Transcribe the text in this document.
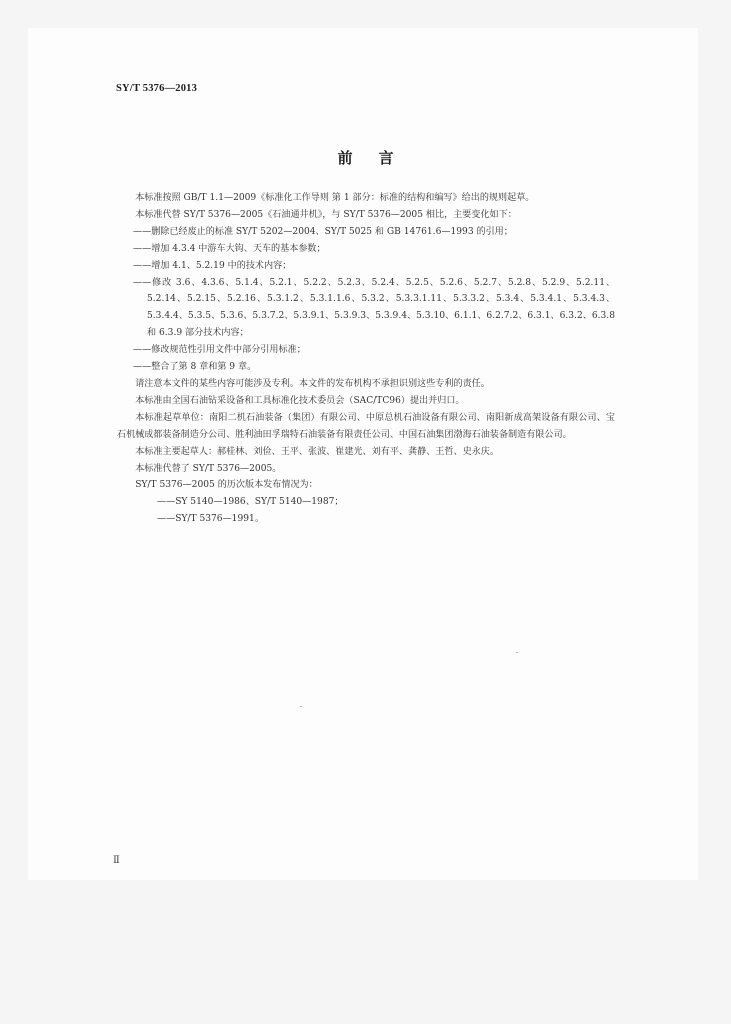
SY/T 5376—2013
前言

本标准按照 GB/T 1.1—2009《标准化工作导则 第 1 部分：标准的结构和编写》给出的规则起草。

本标准代替 SY/T 5376—2005《石油通井机》，与 SY/T 5376—2005 相比，主要变化如下：

——删除已经废止的标准 SY/T 5202—2004、SY/T 5025 和 GB 14761.6—1993 的引用；

——增加 4.3.4 中游车大钩、天车的基本参数；

——增加 4.1、5.2.19 中的技术内容；

——修改 3.6、4.3.6、5.1.4、5.2.1、5.2.2、5.2.3、5.2.4、5.2.5、5.2.6、5.2.7、5.2.8、5.2.9、5.2.11、5.2.14、5.2.15、5.2.16、5.3.1.2、5.3.1.1.6、5.3.2、5.3.3.1.11、5.3.3.2、5.3.4、5.3.4.1、5.3.4.3、5.3.4.4、5.3.5、5.3.6、5.3.7.2、5.3.9.1、5.3.9.3、5.3.9.4、5.3.10、6.1.1、6.2.7.2、6.3.1、6.3.2、6.3.8 和 6.3.9 部分技术内容；

——修改规范性引用文件中部分引用标准；

——整合了第 8 章和第 9 章。

请注意本文件的某些内容可能涉及专利。本文件的发布机构不承担识别这些专利的责任。

本标准由全国石油钻采设备和工具标准化技术委员会（SAC/TC96）提出并归口。

本标准起草单位：南阳二机石油装备（集团）有限公司、中原总机石油设备有限公司、南阳新成高架设备有限公司、宝石机械成都装备制造分公司、胜利油田孚瑞特石油装备有限责任公司、中国石油集团渤海石油装备制造有限公司。

本标准主要起草人：郝桂林、刘俭、王平、张波、崔建光、刘有平、龚静、王哲、史永庆。

本标准代替了 SY/T 5376—2005。

SY/T 5376—2005 的历次版本发布情况为：

——SY 5140—1986、SY/T 5140—1987；

——SY/T 5376—1991。

Ⅱ
